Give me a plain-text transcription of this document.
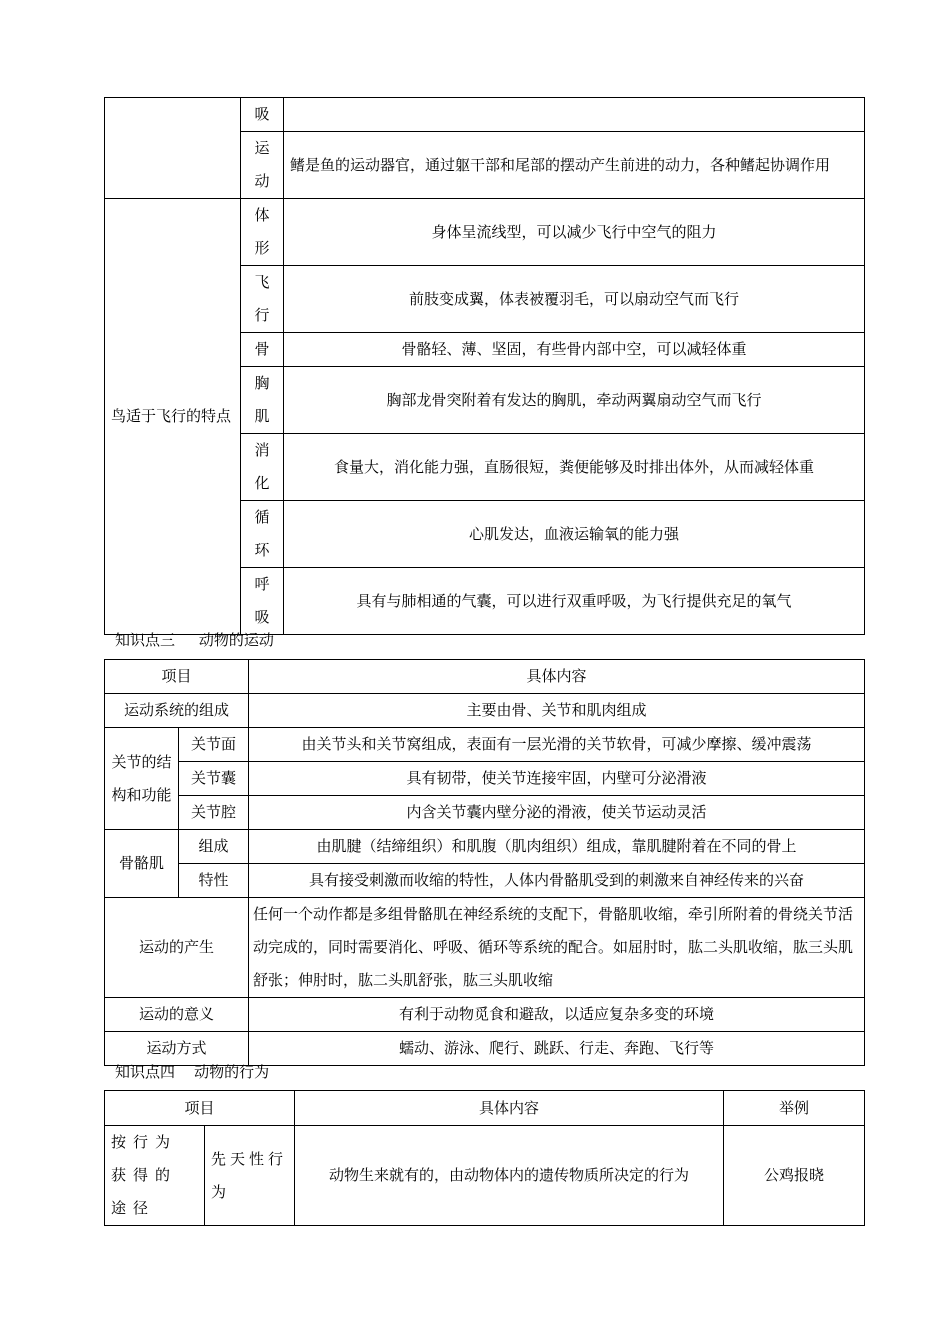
	吸	

	运动	鳍是鱼的运动器官，通过躯干部和尾部的摆动产生前进的动力，各种鳍起协调作用
鸟适于飞行的特点	体形	身体呈流线型，可以减少飞行中空气的阻力

	飞行	前肢变成翼，体表被覆羽毛，可以扇动空气而飞行
	骨	骨骼轻、薄、坚固，有些骨内部中空，可以减轻体重

	胸肌	胸部龙骨突附着有发达的胸肌，牵动两翼扇动空气而飞行

	消化	食量大，消化能力强，直肠很短，粪便能够及时排出体外，从而减轻体重

	循环	心肌发达，血液运输氧的能力强

	呼吸	具有与肺相通的气囊，可以进行双重呼吸，为飞行提供充足的氧气
知识点三     动物的运动
项目		具体内容
运动系统的组成		主要由骨、关节和肌肉组成

关节的结构和功能	关节面	由关节头和关节窝组成，表面有一层光滑的关节软骨，可减少摩擦、缓冲震荡
	关节囊	具有韧带，使关节连接牢固，内壁可分泌滑液
	关节腔	内含关节囊内壁分泌的滑液，使关节运动灵活
骨骼肌	组成	由肌腱（结缔组织）和肌腹（肌肉组织）组成，靠肌腱附着在不同的骨上
	特性	具有接受刺激而收缩的特性，人体内骨骼肌受到的刺激来自神经传来的兴奋
运动的产生		任何一个动作都是多组骨骼肌在神经系统的支配下，骨骼肌收缩，牵引所附着的骨绕关节活动完成的，同时需要消化、呼吸、循环等系统的配合。如屈肘时，肱二头肌收缩，肱三头肌舒张；伸肘时，肱二头肌舒张，肱三头肌收缩
运动的意义		有利于动物觅食和避敌，以适应复杂多变的环境
运动方式		蠕动、游泳、爬行、跳跃、行走、奔跑、飞行等
知识点四    动物的行为
项目		具体内容	举例
按行为获得的途径	先天性行为	动物生来就有的，由动物体内的遗传物质所决定的行为	公鸡报晓
